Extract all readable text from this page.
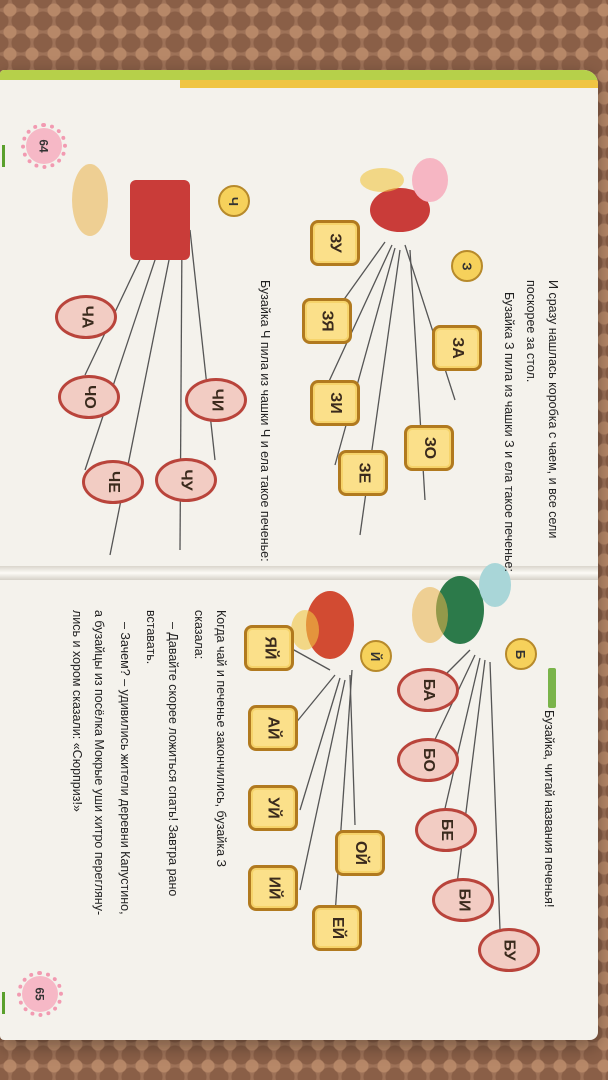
И сразу нашлась коробка с чаем, и все сели
поскорее за стол.
Бузайка З пила из чашки З и ела такое печенье:
Бузайка Ч пила из чашки Ч и ела такое печенье:
64
З
Ч
Б
Й
ЗА
ЗО
ЗЕ
ЗИ
ЗЯ
ЗУ
ЧИ
ЧУ
ЧЕ
ЧО
ЧА
Бузайка, читай названия печенья!
БА
БО
БЕ
БИ
БУ
ОЙ
ЕЙ
ЯЙ
АЙ
УЙ
ИЙ
Когда чай и печенье закончились, бузайка З
сказала:
– Давайте скорее ложиться спать! Завтра рано
вставать.
– Зачем? – удивились жители деревни Капустино,
а бузайцы из посёлка Мокрые уши хитро перегляну-
лись и хором сказали: «Сюрприз!»
65
